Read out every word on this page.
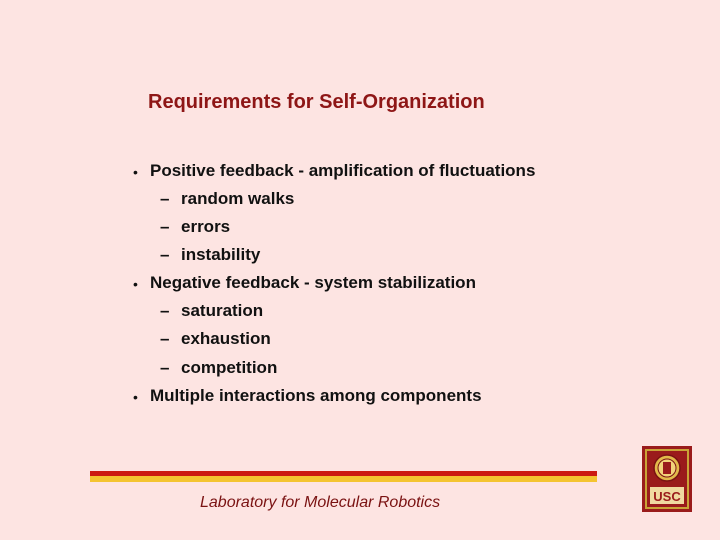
Requirements for Self-Organization
• Positive feedback - amplification of fluctuations
– random walks
– errors
– instability
• Negative feedback - system stabilization
– saturation
– exhaustion
– competition
• Multiple interactions among components
Laboratory for Molecular Robotics	USC
